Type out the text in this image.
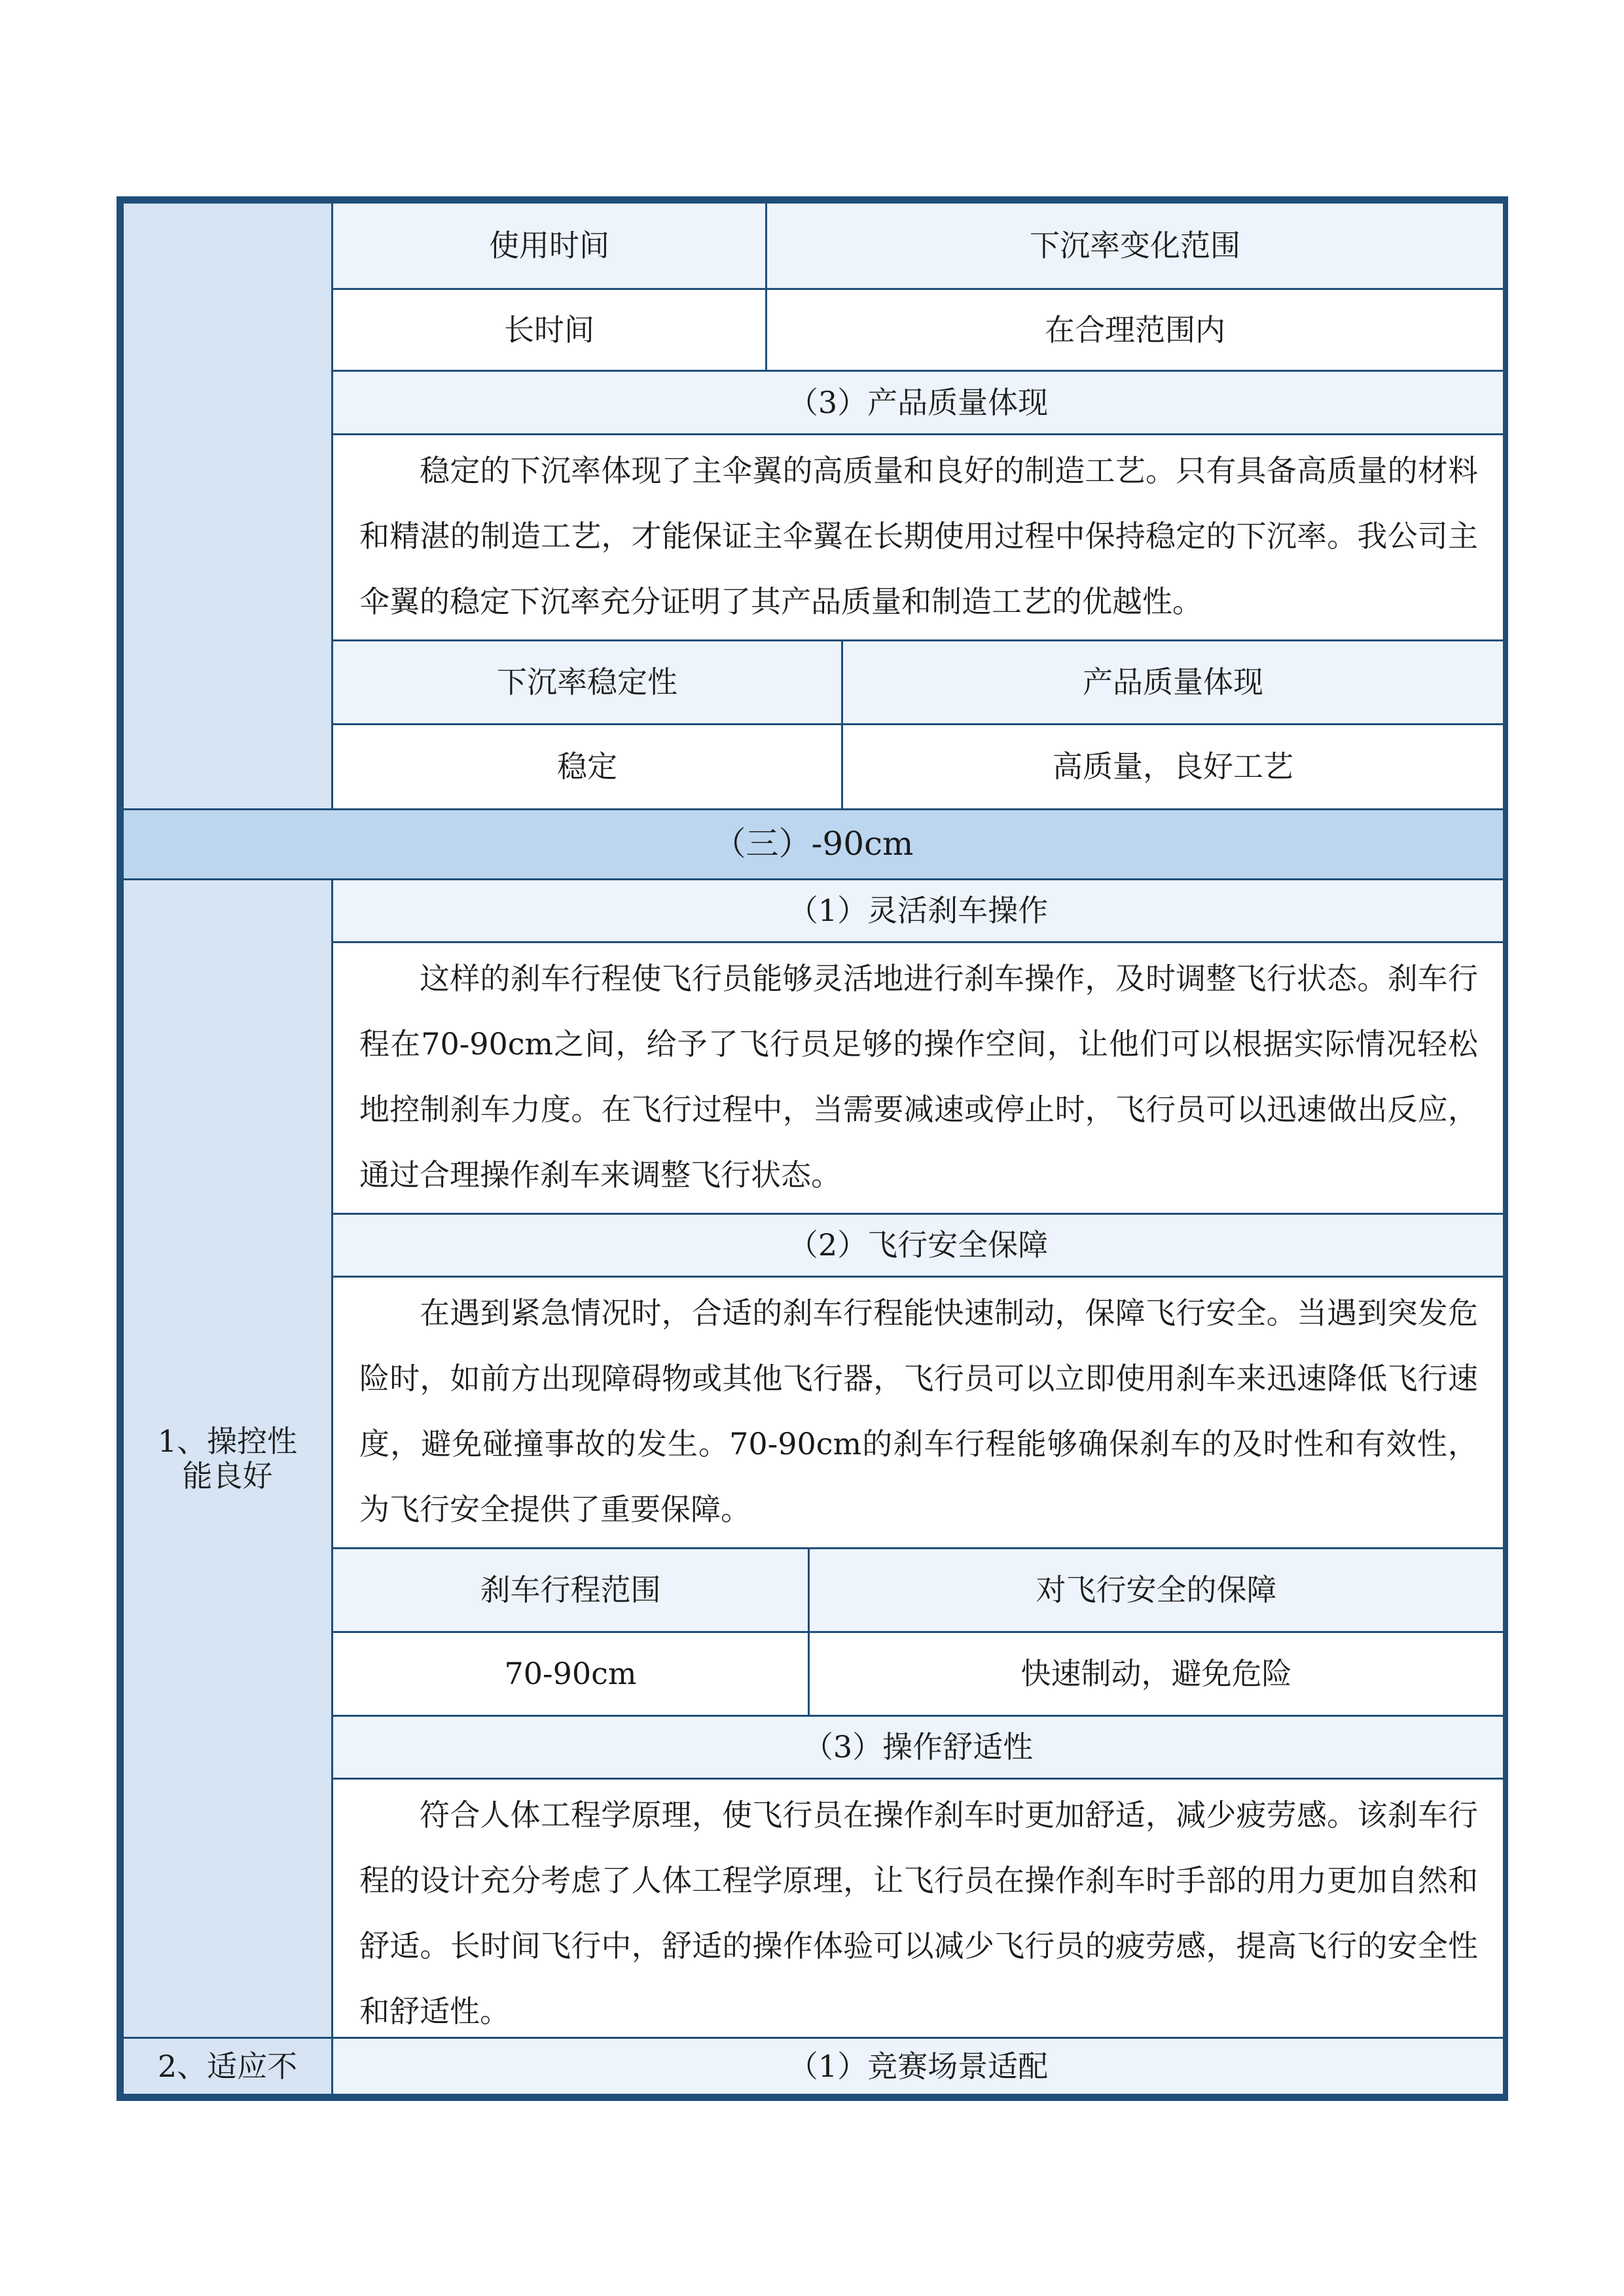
使用时间	下沉率变化范围
长时间	在合理范围内
（3）产品质量体现
稳定的下沉率体现了主伞翼的高质量和良好的制造工艺。只有具备高质量的材料和精湛的制造工艺，才能保证主伞翼在长期使用过程中保持稳定的下沉率。我公司主伞翼的稳定下沉率充分证明了其产品质量和制造工艺的优越性。
下沉率稳定性	产品质量体现
稳定	高质量，良好工艺
（三）-90cm
1、操控性
能良好
（1）灵活刹车操作
这样的刹车行程使飞行员能够灵活地进行刹车操作，及时调整飞行状态。刹车行程在70-90cm之间，给予了飞行员足够的操作空间，让他们可以根据实际情况轻松地控制刹车力度。在飞行过程中，当需要减速或停止时，飞行员可以迅速做出反应，通过合理操作刹车来调整飞行状态。
（2）飞行安全保障
在遇到紧急情况时，合适的刹车行程能快速制动，保障飞行安全。当遇到突发危险时，如前方出现障碍物或其他飞行器，飞行员可以立即使用刹车来迅速降低飞行速度，避免碰撞事故的发生。70-90cm的刹车行程能够确保刹车的及时性和有效性，为飞行安全提供了重要保障。
刹车行程范围	对飞行安全的保障
70-90cm	快速制动，避免危险
（3）操作舒适性
符合人体工程学原理，使飞行员在操作刹车时更加舒适，减少疲劳感。该刹车行程的设计充分考虑了人体工程学原理，让飞行员在操作刹车时手部的用力更加自然和舒适。长时间飞行中，舒适的操作体验可以减少飞行员的疲劳感，提高飞行的安全性和舒适性。
2、适应不	（1）竞赛场景适配
